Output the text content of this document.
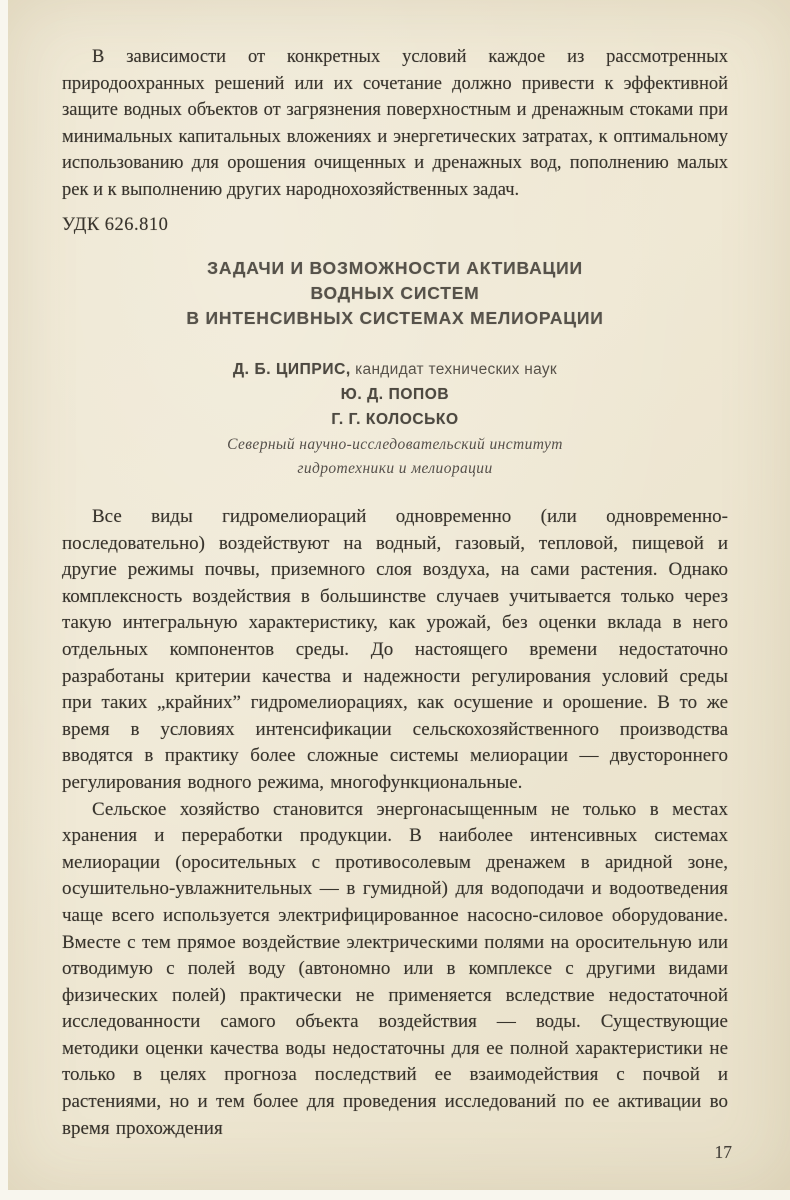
В зависимости от конкретных условий каждое из рассмотренных природоохранных решений или их сочетание должно привести к эффективной защите водных объектов от загрязнения поверхностным и дренажным стоками при минимальных капитальных вложениях и энергетических затратах, к оптимальному использованию для орошения очищенных и дренажных вод, пополнению малых рек и к выполнению других народнохозяйственных задач.

УДК 626.810

ЗАДАЧИ И ВОЗМОЖНОСТИ АКТИВАЦИИ
ВОДНЫХ СИСТЕМ
В ИНТЕНСИВНЫХ СИСТЕМАХ МЕЛИОРАЦИИ
Д. Б. ЦИПРИС, кандидат технических наук
Ю. Д. ПОПОВ
Г. Г. КОЛОСЬКО
Северный научно-исследовательский институт
гидротехники и мелиорации

Все виды гидромелиораций одновременно (или одновременно-последовательно) воздействуют на водный, газовый, тепловой, пищевой и другие режимы почвы, приземного слоя воздуха, на сами растения. Однако комплексность воздействия в большинстве случаев учитывается только через такую интегральную характеристику, как урожай, без оценки вклада в него отдельных компонентов среды. До настоящего времени недостаточно разработаны критерии качества и надежности регулирования условий среды при таких „крайних” гидромелиорациях, как осушение и орошение. В то же время в условиях интенсификации сельскохозяйственного производства вводятся в практику более сложные системы мелиорации — двустороннего регулирования водного режима, многофункциональные.

Сельское хозяйство становится энергонасыщенным не только в местах хранения и переработки продукции. В наиболее интенсивных системах мелиорации (оросительных с противосолевым дренажем в аридной зоне, осушительно-увлажнительных — в гумидной) для водоподачи и водоотведения чаще всего используется электрифицированное насосно-силовое оборудование. Вместе с тем прямое воздействие электрическими полями на оросительную или отводимую с полей воду (автономно или в комплексе с другими видами физических полей) практически не применяется вследствие недостаточной исследованности самого объекта воздействия — воды. Существующие методики оценки качества воды недостаточны для ее полной характеристики не только в целях прогноза последствий ее взаимодействия с почвой и растениями, но и тем более для проведения исследований по ее активации во время прохождения

17
